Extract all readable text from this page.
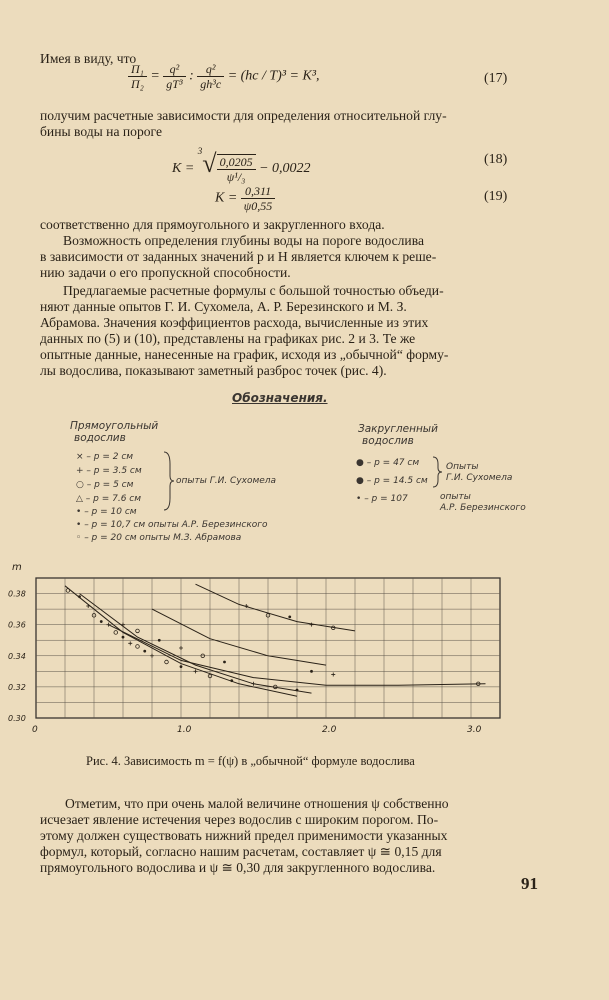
Имея в виду, что
$\frac{\text{Π₁}}{\text{Π₂}} = \frac{\text{q²}}{\text{gT³}}$ : $\frac{\text{q²}}{\text{gh³c}} = (hc / T)^3 = K^3$,	(17)
получим расчетные зависимости для определения относительной глу-
бины воды на пороге
$K = ^3√ \frac{0,0205}{\text{ψ¹/₃}} - 0,0022$
(18)
$K = \frac{0,311}{\psi 0,55}$	(19)
соответственно для прямоугольного и закругленного входа.
Возможность определения глубины воды на пороге водослива
в зависимости от заданных значений p и H является ключем к реше-
нию задачи о его пропускной способности.
Предлагаемые расчетные формулы с большой точностью объеди-
няют данные опытов Г. И. Сухомела, А. Р. Березинского и М. З.
Абрамова. Значения коэффициентов расхода, вычисленные из этих
данных по (5) и (10), представлены на графиках рис. 2 и 3. Те же
опытные данные, нанесенные на график, исходя из „обычной“ форму-
лы водослива, показывают заметный разброс точек (рис. 4).
Обозначения.
Прямоугольный
водослив
Закругленный
водослив
× – p = 2 cм
+ – p = 3.5 cм
○ – p = 5 cм
△ – p = 7.6 cм
• – p = 10 cм
• – p = 10,7 cм опыты А.Р. Березинского
◦ – p = 20 cм опыты М.З. Абрамова
опыты Г.И. Сухомела
● – p = 47 cм
● – p = 14.5 cм
• – p = 107
Опыты
Г.И. Сухомела
опыты
А.Р. Березинского
0.38
0.36
0.34
0.32
0.30
0	1.0	2.0	3.0
m
Рис. 4. Зависимость m = f(ψ) в „обычной“ формуле водослива
Отметим, что при очень малой величине отношения ψ собственно
исчезает явление истечения через водослив с широким порогом. По-
этому должен существовать нижний предел применимости указанных
формул, который, согласно нашим расчетам, составляет ψ ≅ 0,15 для
прямоугольного водослива и ψ ≅ 0,30 для закругленного водослива.
91
